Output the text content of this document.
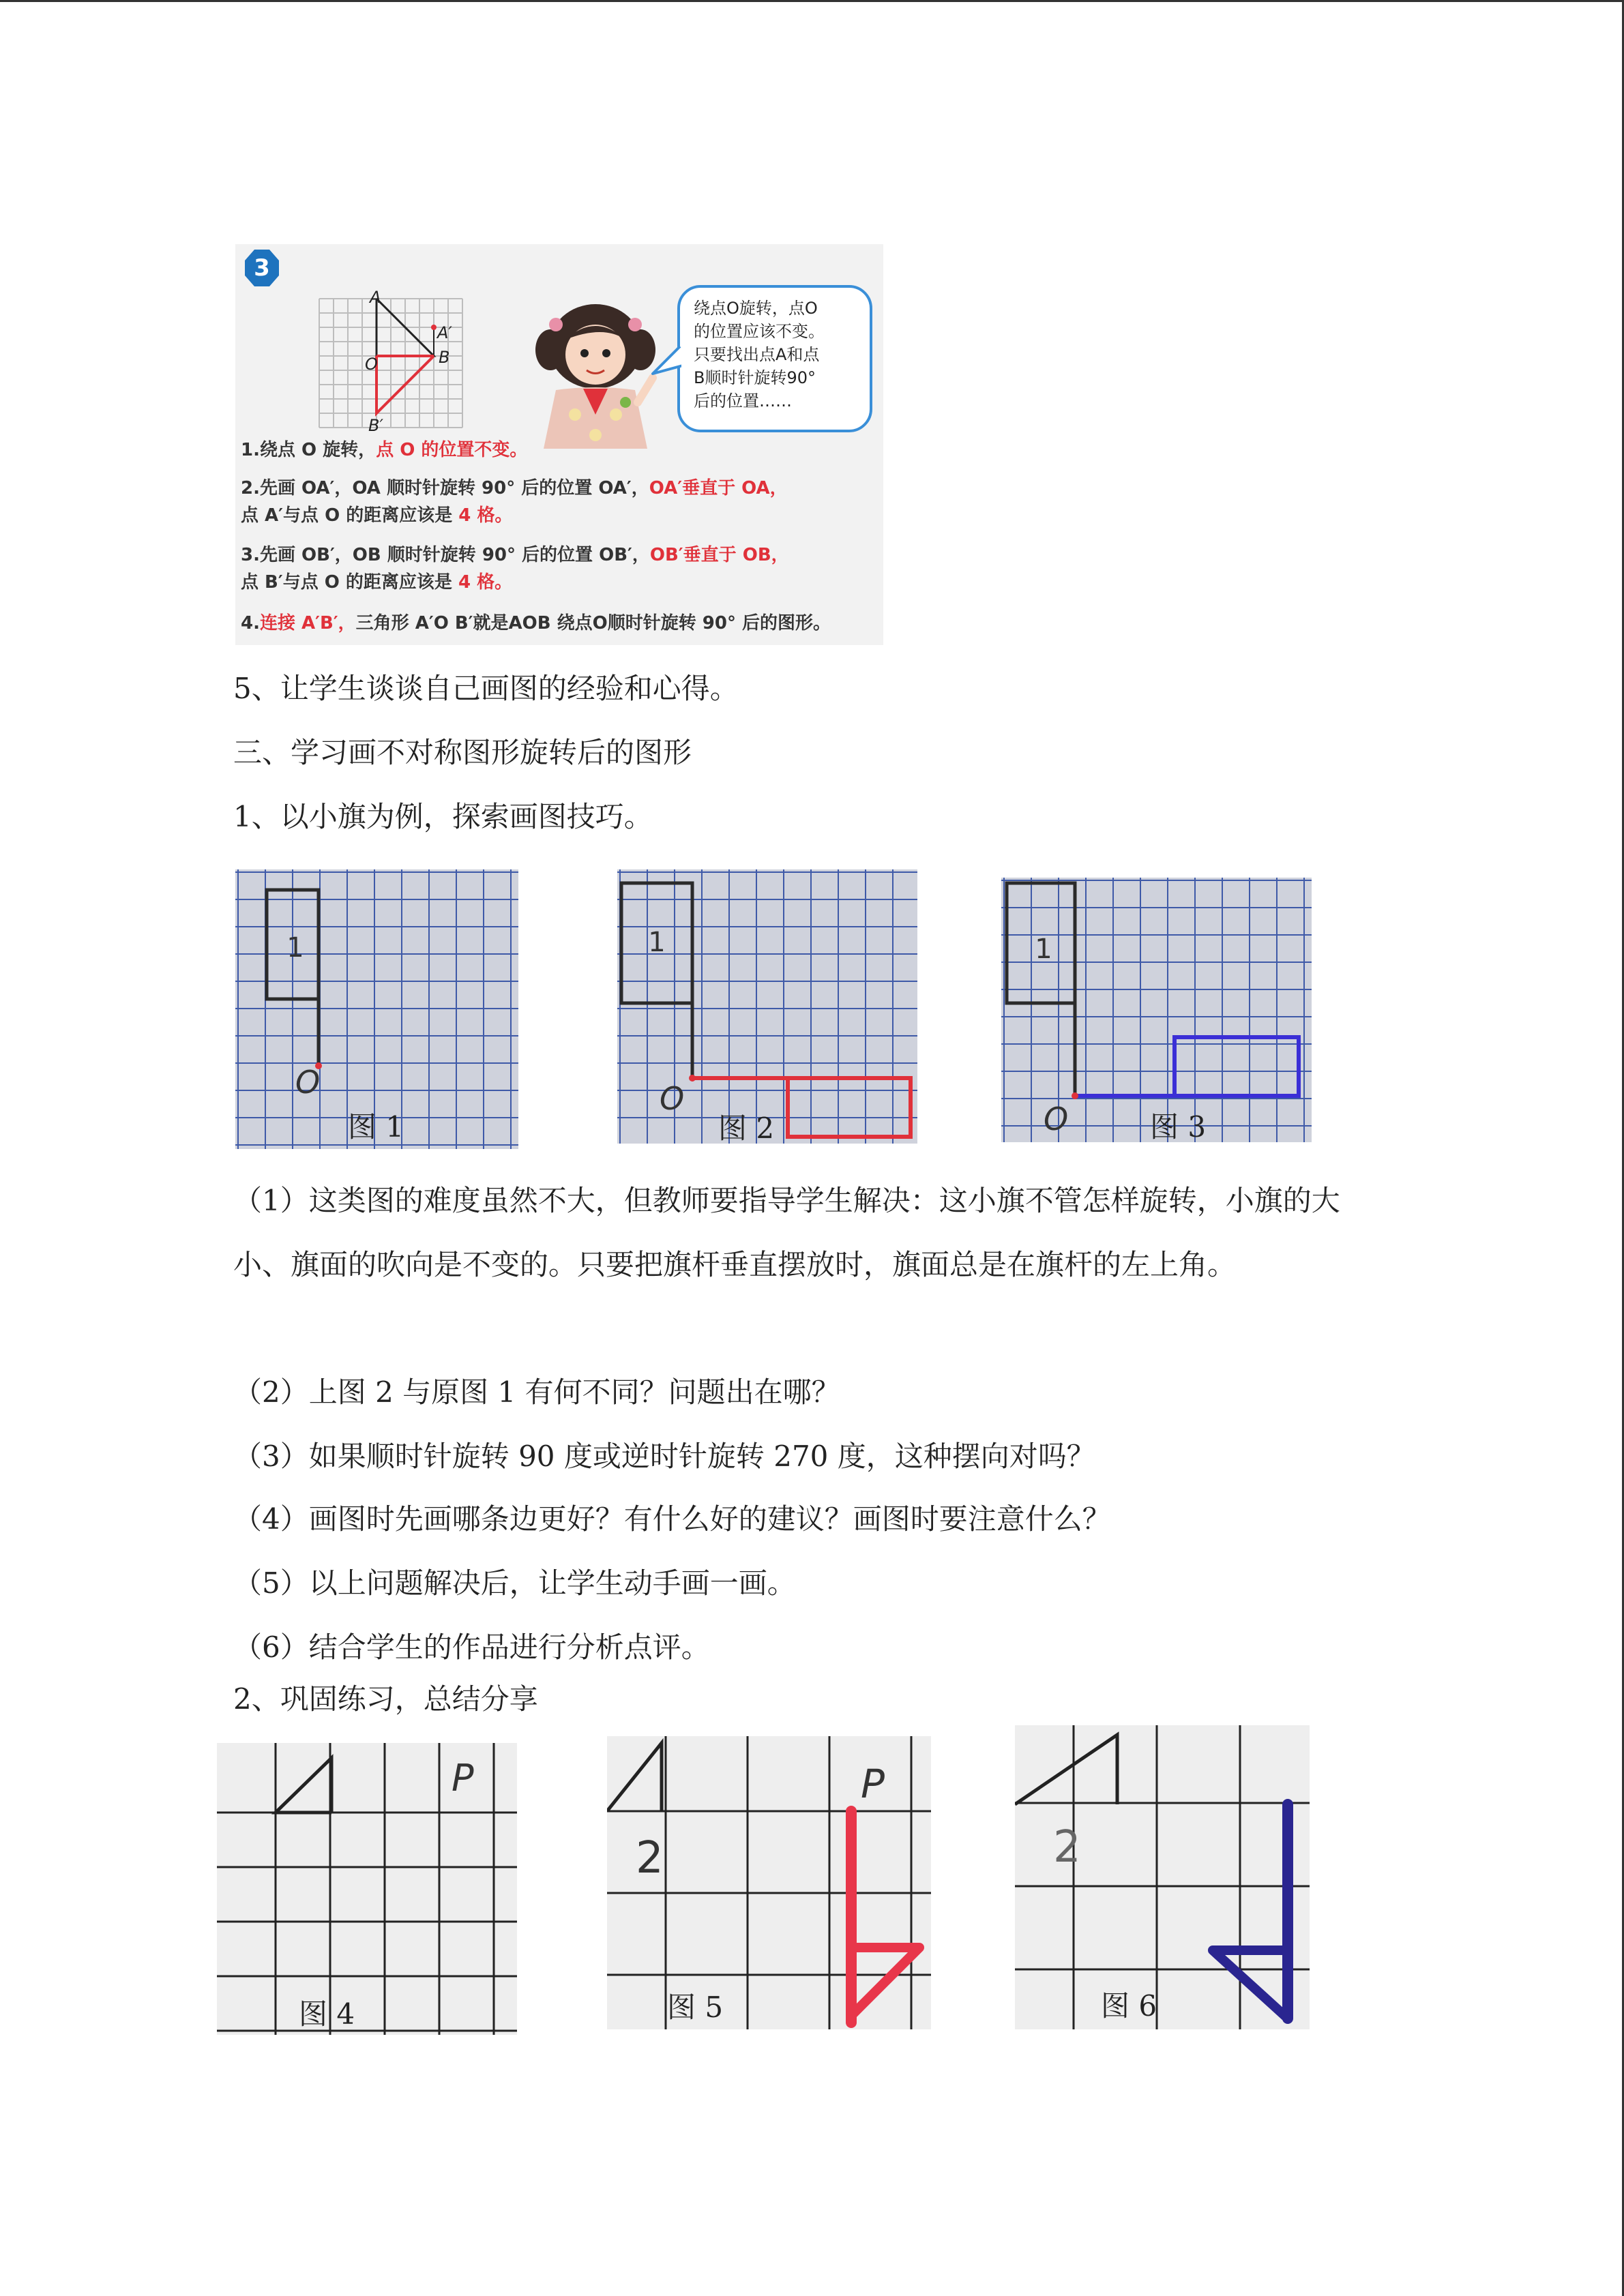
3
A
A′
O	B
B′
绕点O旋转，点O 的位置应该不变。 只要找出点A和点 B顺时针旋转90° 后的位置……
1.绕点 O 旋转，点 O 的位置不变。
2.先画 OA′，OA 顺时针旋转 90° 后的位置 OA′，OA′垂直于 OA，
点 A′与点 O 的距离应该是 4 格。
3.先画 OB′，OB 顺时针旋转 90° 后的位置 OB′，OB′垂直于 OB，
点 B′与点 O 的距离应该是 4 格。
4.连接 A′B′，三角形 A′O B′就是AOB 绕点O顺时针旋转 90° 后的图形。
5、让学生谈谈自己画图的经验和心得。
三、学习画不对称图形旋转后的图形
1、以小旗为例，探索画图技巧。
1
O
图 1
1
O
图 2
1
O	图 3
（1）这类图的难度虽然不大，但教师要指导学生解决：这小旗不管怎样旋转，小旗的大小、旗面的吹向是不变的。只要把旗杆垂直摆放时，旗面总是在旗杆的左上角。
（2）上图 2 与原图 1 有何不同？问题出在哪？
（3）如果顺时针旋转 90 度或逆时针旋转 270 度，这种摆向对吗？
（4）画图时先画哪条边更好？有什么好的建议？画图时要注意什么？
（5）以上问题解决后，让学生动手画一画。
（6）结合学生的作品进行分析点评。
2、巩固练习，总结分享
P
图 4
P
2
图 5
2
图 6
